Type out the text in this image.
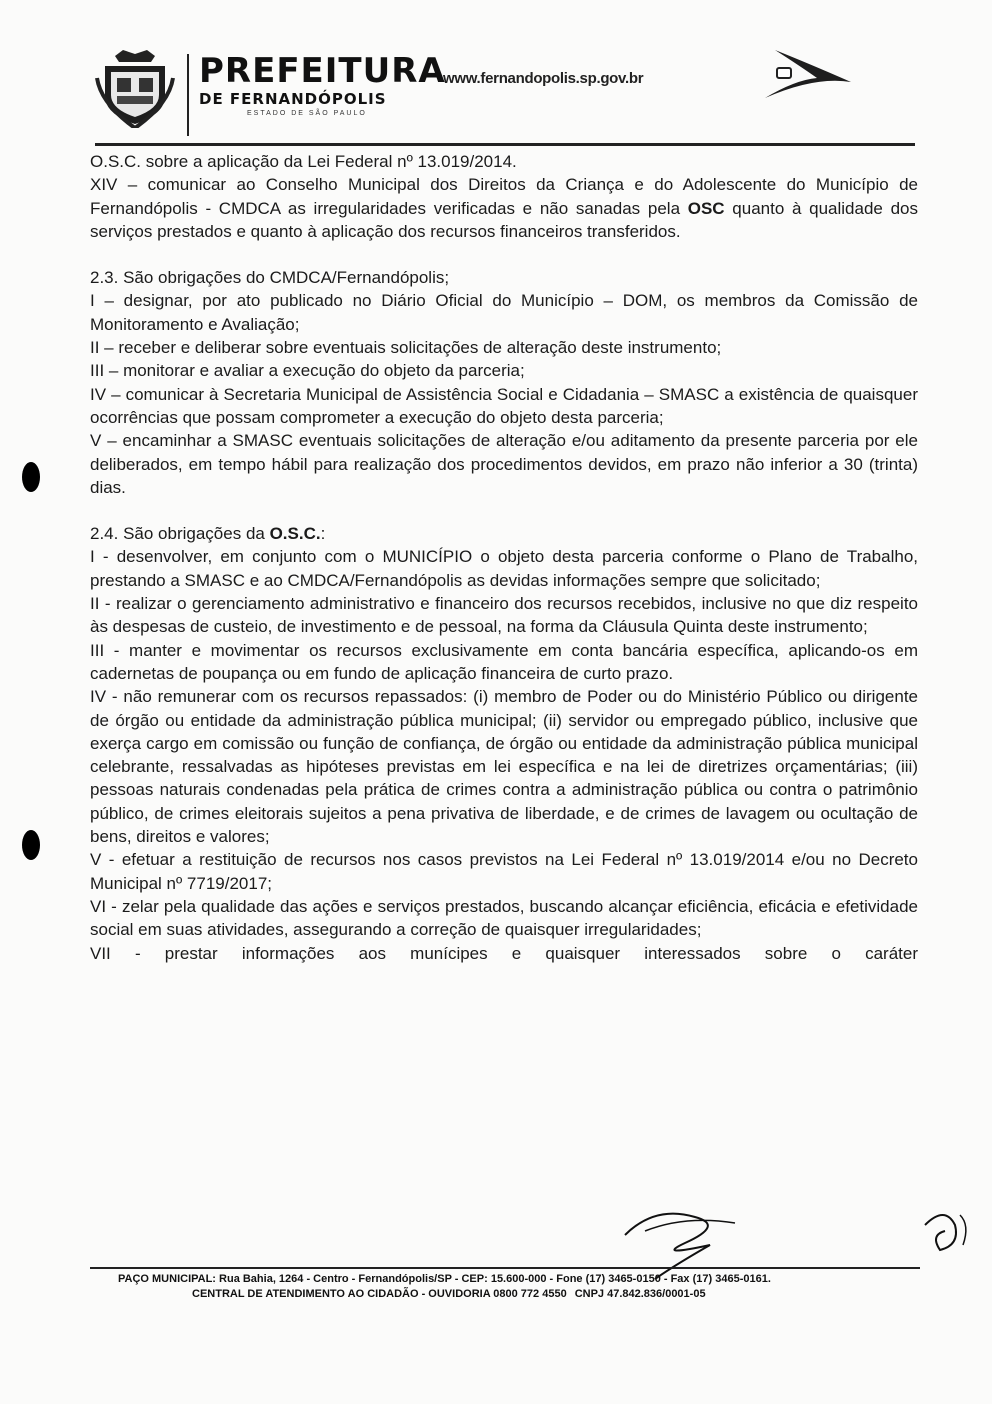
PREFEITURA
DE FERNANDÓPOLIS
ESTADO DE SÃO PAULO
www.fernandopolis.sp.gov.br

O.S.C. sobre a aplicação da Lei Federal nº 13.019/2014.

XIV – comunicar ao Conselho Municipal dos Direitos da Criança e do Adolescente do Município de Fernandópolis - CMDCA as irregularidades verificadas e não sanadas pela OSC quanto à qualidade dos serviços prestados e quanto à aplicação dos recursos financeiros transferidos.

2.3. São obrigações do CMDCA/Fernandópolis;

I – designar, por ato publicado no Diário Oficial do Município – DOM, os membros da Comissão de Monitoramento e Avaliação;

II – receber e deliberar sobre eventuais solicitações de alteração deste instrumento;

III – monitorar e avaliar a execução do objeto da parceria;

IV – comunicar à Secretaria Municipal de Assistência Social e Cidadania – SMASC a existência de quaisquer ocorrências que possam comprometer a execução do objeto desta parceria;

V – encaminhar a SMASC eventuais solicitações de alteração e/ou aditamento da presente parceria por ele deliberados, em tempo hábil para realização dos procedimentos devidos, em prazo não inferior a 30 (trinta) dias.

2.4. São obrigações da O.S.C.:

I - desenvolver, em conjunto com o MUNICÍPIO o objeto desta parceria conforme o Plano de Trabalho, prestando a SMASC e ao CMDCA/Fernandópolis as devidas informações sempre que solicitado;

II - realizar o gerenciamento administrativo e financeiro dos recursos recebidos, inclusive no que diz respeito às despesas de custeio, de investimento e de pessoal, na forma da Cláusula Quinta deste instrumento;

III - manter e movimentar os recursos exclusivamente em conta bancária específica, aplicando-os em cadernetas de poupança ou em fundo de aplicação financeira de curto prazo.

IV - não remunerar com os recursos repassados: (i) membro de Poder ou do Ministério Público ou dirigente de órgão ou entidade da administração pública municipal; (ii) servidor ou empregado público, inclusive que exerça cargo em comissão ou função de confiança, de órgão ou entidade da administração pública municipal celebrante, ressalvadas as hipóteses previstas em lei específica e na lei de diretrizes orçamentárias; (iii) pessoas naturais condenadas pela prática de crimes contra a administração pública ou contra o patrimônio público, de crimes eleitorais sujeitos a pena privativa de liberdade, e de crimes de lavagem ou ocultação de bens, direitos e valores;

V - efetuar a restituição de recursos nos casos previstos na Lei Federal nº 13.019/2014 e/ou no Decreto Municipal nº 7719/2017;

VI - zelar pela qualidade das ações e serviços prestados, buscando alcançar eficiência, eficácia e efetividade social em suas atividades, assegurando a correção de quaisquer irregularidades;

VII - prestar informações aos munícipes e quaisquer interessados sobre o caráter

PAÇO MUNICIPAL: Rua Bahia, 1264 - Centro - Fernandópolis/SP - CEP: 15.600-000 - Fone (17) 3465-0150 - Fax (17) 3465-0161.
CENTRAL DE ATENDIMENTO AO CIDADÃO - OUVIDORIA 0800 772 4550 CNPJ 47.842.836/0001-05
